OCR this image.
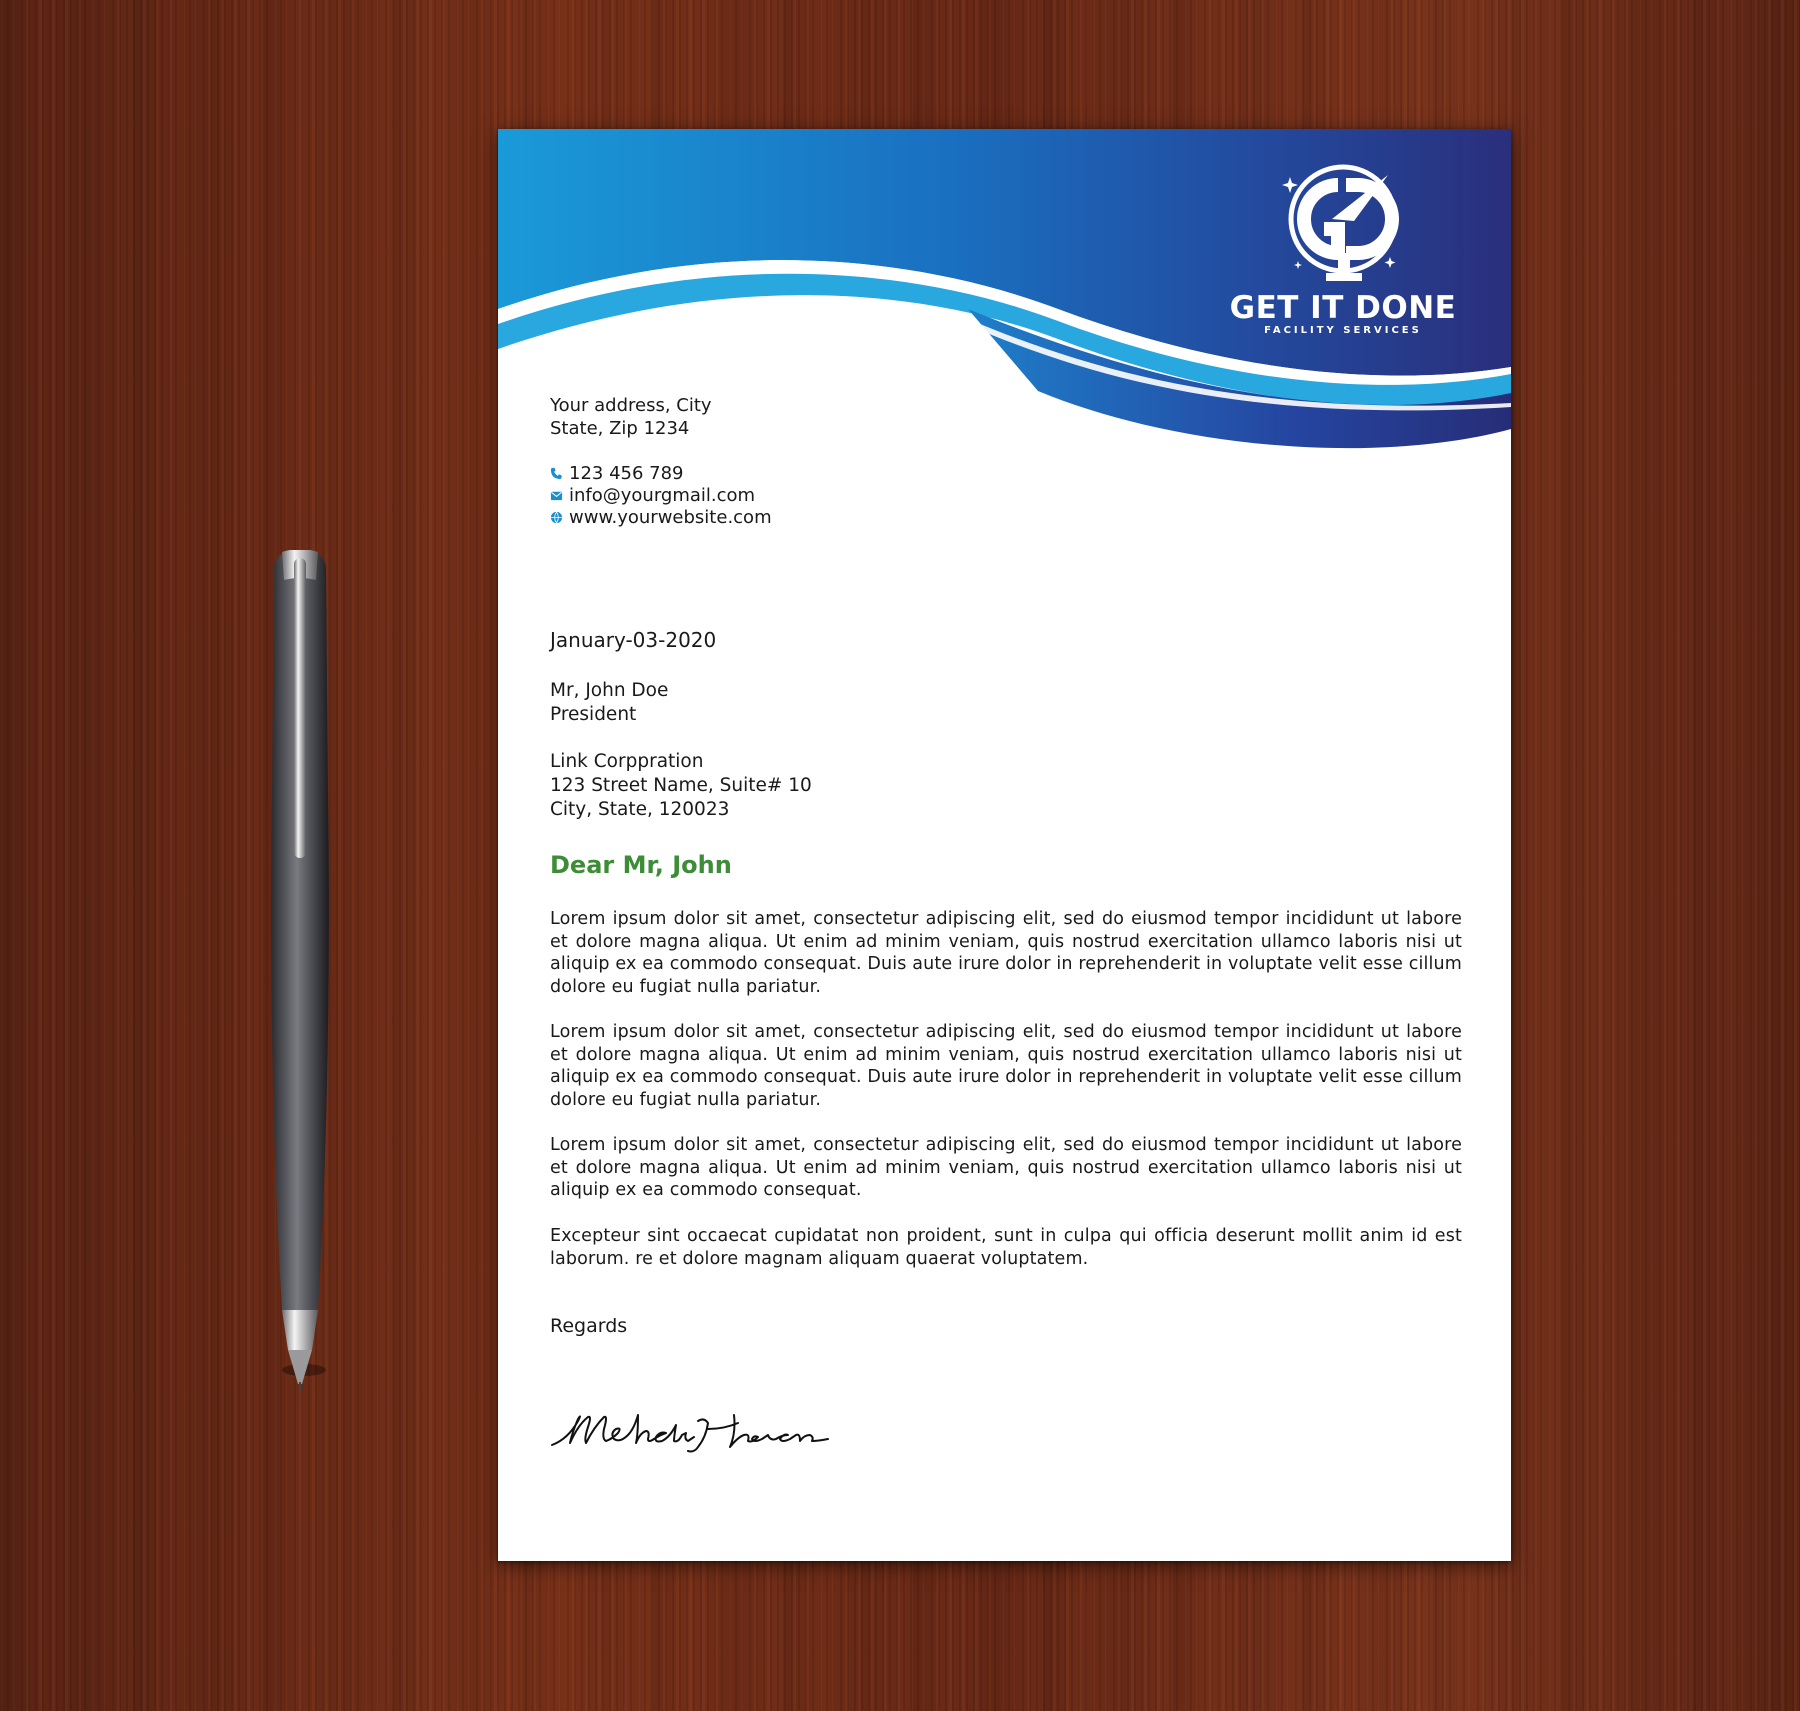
GET IT DONE
FACILITY SERVICES
Your address, City
State, Zip 1234
123 456 789
info@yourgmail.com
www.yourwebsite.com
January-03-2020
Mr, John Doe
President
Link Corppration
123 Street Name, Suite# 10
City, State, 120023
Dear Mr, John
Lorem ipsum dolor sit amet, consectetur adipiscing elit, sed do eiusmod tempor incididunt ut labore et dolore magna aliqua. Ut enim ad minim veniam, quis nostrud exercitation ullamco laboris nisi ut aliquip ex ea commodo consequat. Duis aute irure dolor in reprehenderit in voluptate velit esse cillum dolore eu fugiat nulla pariatur.
Lorem ipsum dolor sit amet, consectetur adipiscing elit, sed do eiusmod tempor incididunt ut labore et dolore magna aliqua. Ut enim ad minim veniam, quis nostrud exercitation ullamco laboris nisi ut aliquip ex ea commodo consequat. Duis aute irure dolor in reprehenderit in voluptate velit esse cillum dolore eu fugiat nulla pariatur.
Lorem ipsum dolor sit amet, consectetur adipiscing elit, sed do eiusmod tempor incididunt ut labore et dolore magna aliqua. Ut enim ad minim veniam, quis nostrud exercitation ullamco laboris nisi ut aliquip ex ea commodo consequat.
Excepteur sint occaecat cupidatat non proident, sunt in culpa qui officia deserunt mollit anim id est laborum. re et dolore magnam aliquam quaerat voluptatem.
Regards
